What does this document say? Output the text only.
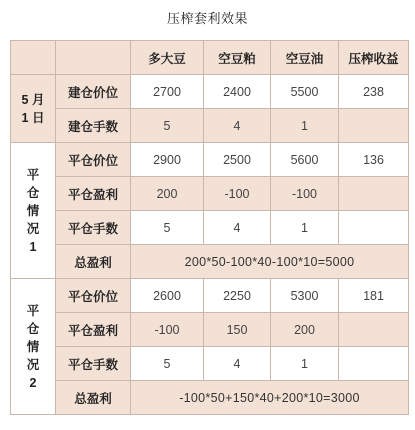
压榨套利效果
		多大豆	空豆粕	空豆油	压榨收益

5 月
1 日	建仓价位	2700	2400	5500	238
	建仓手数	5	4	1	

平
仓
情
况
1	平仓价位	2900	2500	5600	136
	平仓盈利	200	-100	-100	
	平仓手数	5	4	1	
	总盈利	200*50-100*40-100*10=5000			

平
仓
情
况
2	平仓价位	2600	2250	5300	181
	平仓盈利	-100	150	200	
	平仓手数	5	4	1	
	总盈利	-100*50+150*40+200*10=3000			
